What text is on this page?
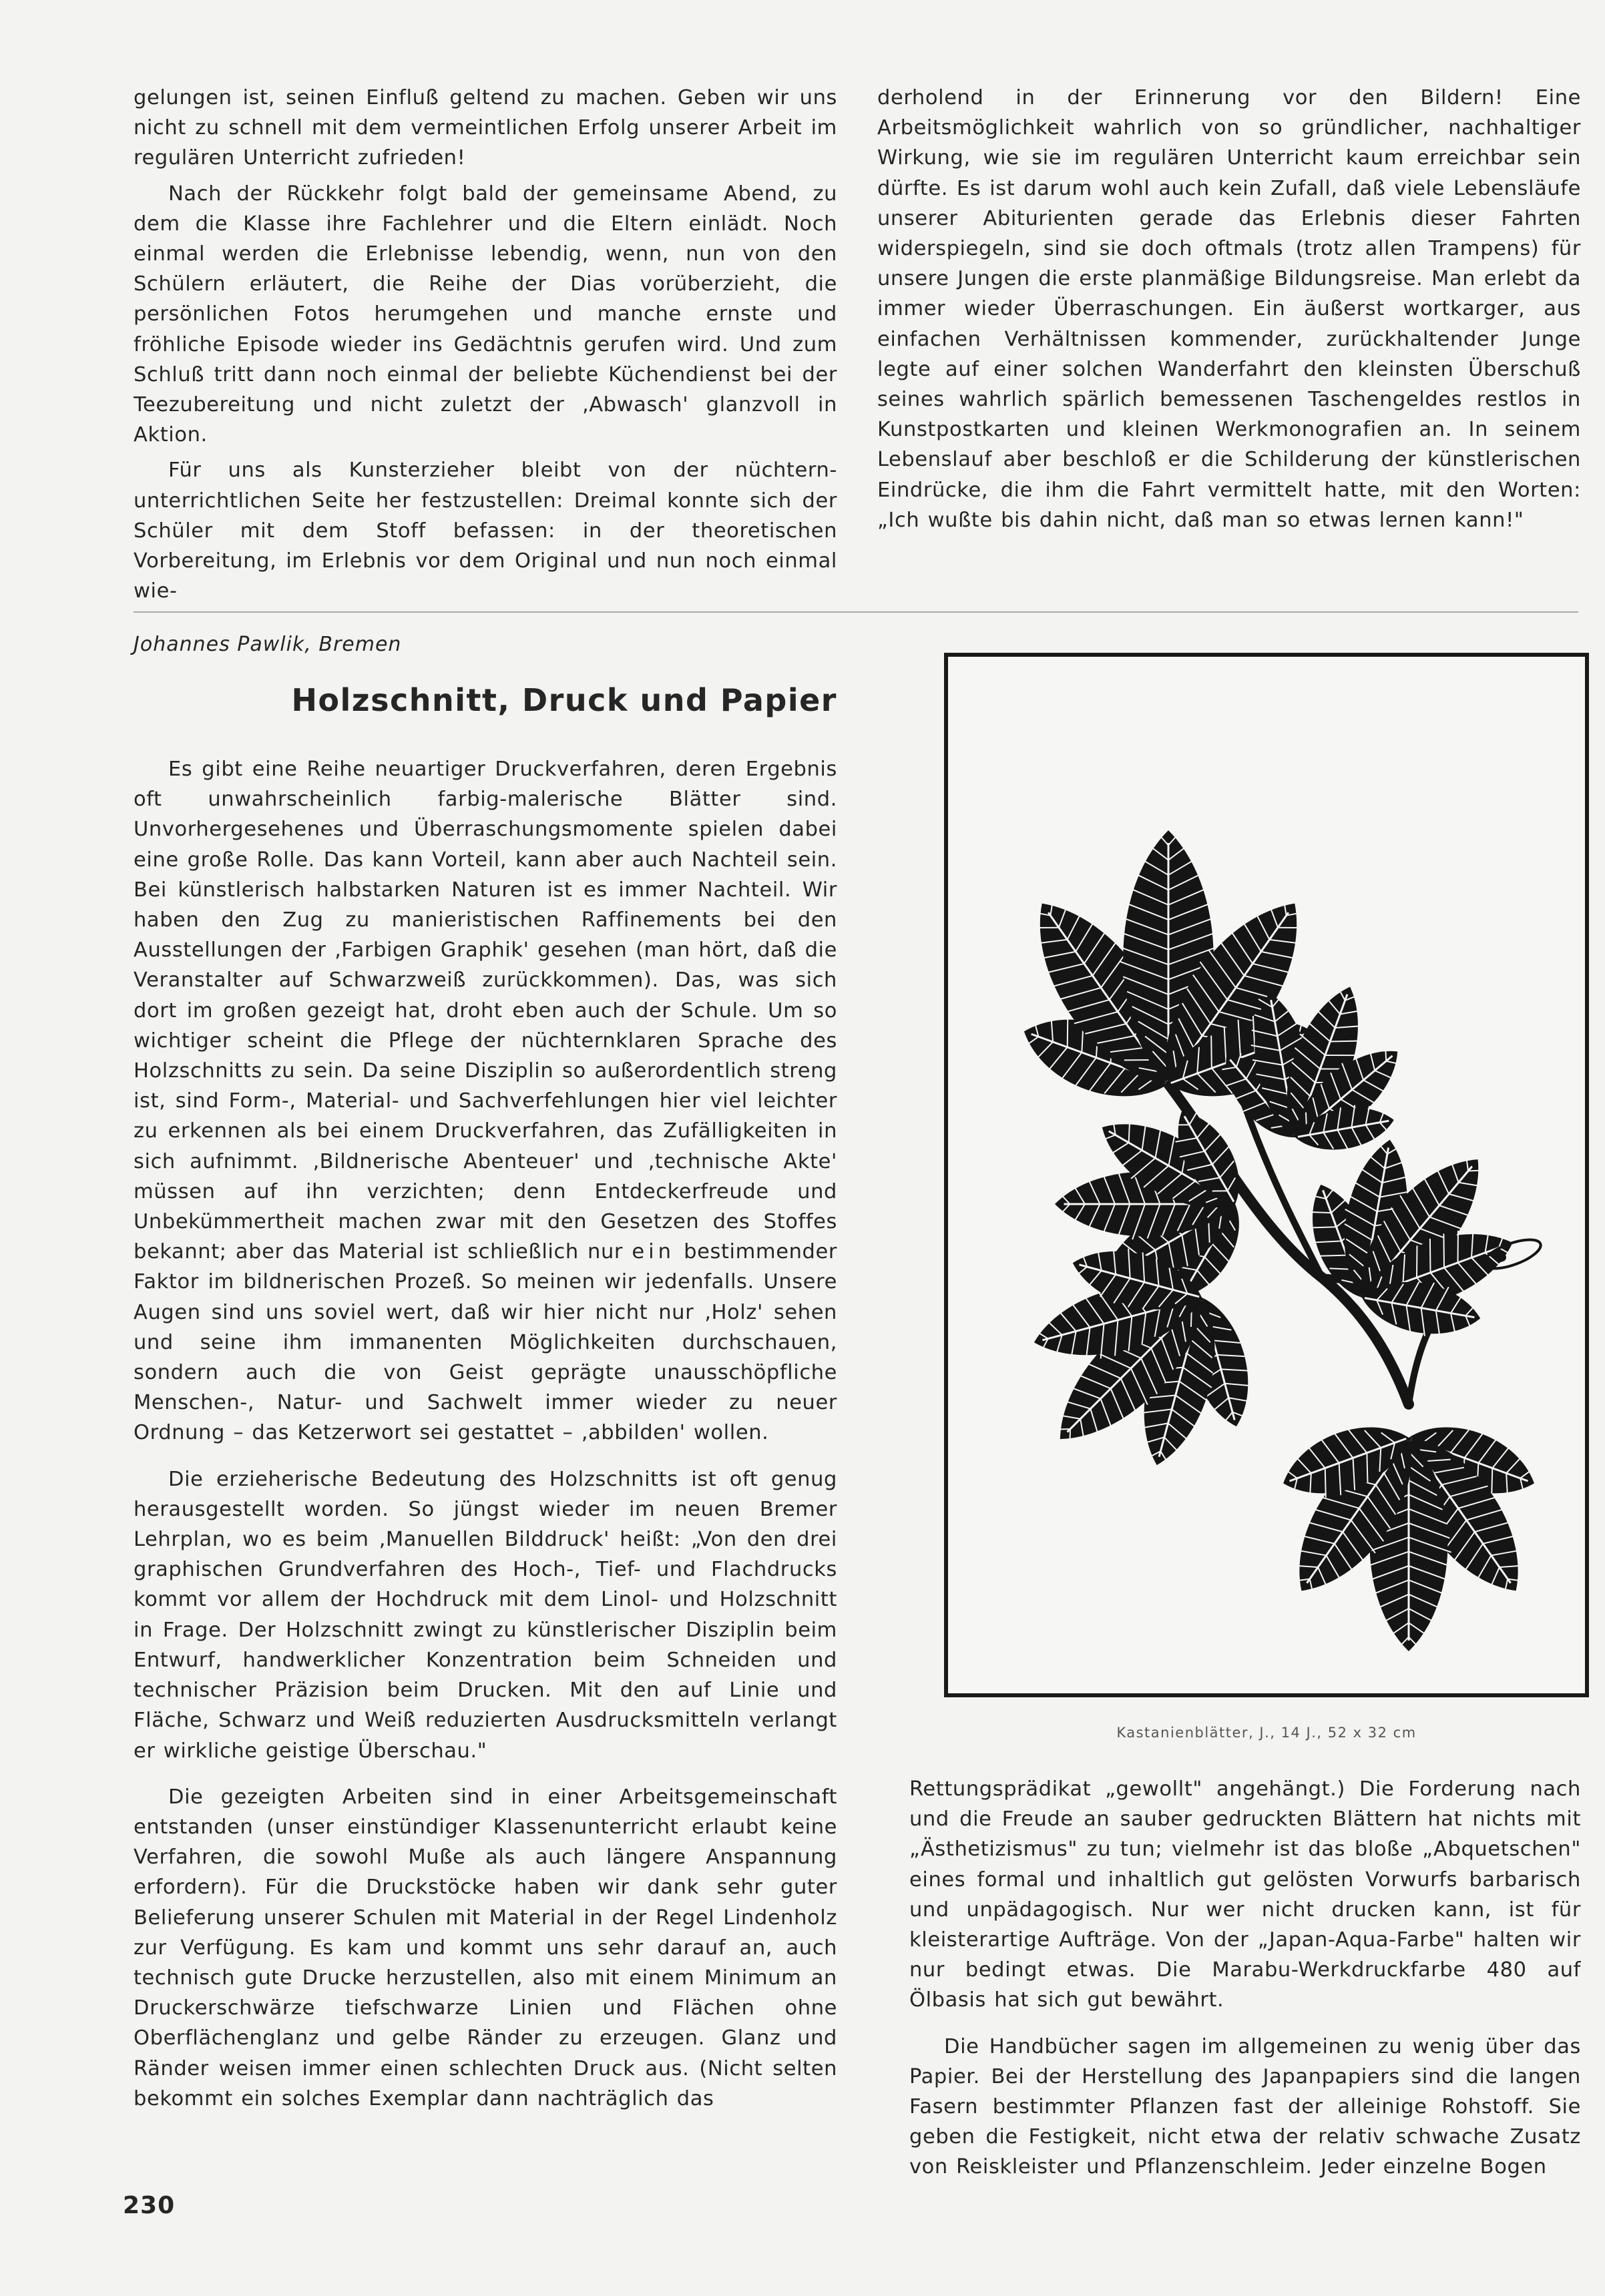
gelungen ist, seinen Einfluß geltend zu machen. Geben wir uns nicht zu schnell mit dem vermeintlichen Erfolg unserer Arbeit im regulären Unterricht zufrieden!

Nach der Rückkehr folgt bald der gemeinsame Abend, zu dem die Klasse ihre Fachlehrer und die Eltern einlädt. Noch einmal werden die Erlebnisse lebendig, wenn, nun von den Schülern erläutert, die Reihe der Dias vorüberzieht, die persönlichen Fotos herumgehen und manche ernste und fröhliche Episode wieder ins Gedächtnis gerufen wird. Und zum Schluß tritt dann noch einmal der beliebte Küchendienst bei der Teezubereitung und nicht zuletzt der ‚Abwasch' glanzvoll in Aktion.

Für uns als Kunsterzieher bleibt von der nüchtern-unterrichtlichen Seite her festzustellen: Dreimal konnte sich der Schüler mit dem Stoff befassen: in der theoretischen Vorbereitung, im Erlebnis vor dem Original und nun noch einmal wie-

derholend in der Erinnerung vor den Bildern! Eine Arbeitsmöglichkeit wahrlich von so gründlicher, nachhaltiger Wirkung, wie sie im regulären Unterricht kaum erreichbar sein dürfte. Es ist darum wohl auch kein Zufall, daß viele Lebensläufe unserer Abiturienten gerade das Erlebnis dieser Fahrten widerspiegeln, sind sie doch oftmals (trotz allen Trampens) für unsere Jungen die erste planmäßige Bildungsreise. Man erlebt da immer wieder Überraschungen. Ein äußerst wortkarger, aus einfachen Verhältnissen kommender, zurückhaltender Junge legte auf einer solchen Wanderfahrt den kleinsten Überschuß seines wahrlich spärlich bemessenen Taschengeldes restlos in Kunstpostkarten und kleinen Werkmonografien an. In seinem Lebenslauf aber beschloß er die Schilderung der künstlerischen Eindrücke, die ihm die Fahrt vermittelt hatte, mit den Worten: „Ich wußte bis dahin nicht, daß man so etwas lernen kann!"

Johannes Pawlik, Bremen
Holzschnitt, Druck und Papier

Es gibt eine Reihe neuartiger Druckverfahren, deren Ergebnis oft unwahrscheinlich farbig-malerische Blätter sind. Unvorhergesehenes und Überraschungsmomente spielen dabei eine große Rolle. Das kann Vorteil, kann aber auch Nachteil sein. Bei künstlerisch halbstarken Naturen ist es immer Nachteil. Wir haben den Zug zu manieristischen Raffinements bei den Ausstellungen der ‚Farbigen Graphik' gesehen (man hört, daß die Veranstalter auf Schwarzweiß zurückkommen). Das, was sich dort im großen gezeigt hat, droht eben auch der Schule. Um so wichtiger scheint die Pflege der nüchternklaren Sprache des Holzschnitts zu sein. Da seine Disziplin so außerordentlich streng ist, sind Form-, Material- und Sachverfehlungen hier viel leichter zu erkennen als bei einem Druckverfahren, das Zufälligkeiten in sich aufnimmt. ‚Bildnerische Abenteuer' und ‚technische Akte' müssen auf ihn verzichten; denn Entdeckerfreude und Unbekümmertheit machen zwar mit den Gesetzen des Stoffes bekannt; aber das Material ist schließlich nur ein bestimmender Faktor im bildnerischen Prozeß. So meinen wir jedenfalls. Unsere Augen sind uns soviel wert, daß wir hier nicht nur ‚Holz' sehen und seine ihm immanenten Möglichkeiten durchschauen, sondern auch die von Geist geprägte unausschöpfliche Menschen-, Natur- und Sachwelt immer wieder zu neuer Ordnung – das Ketzerwort sei gestattet – ‚abbilden' wollen.

Die erzieherische Bedeutung des Holzschnitts ist oft genug herausgestellt worden. So jüngst wieder im neuen Bremer Lehrplan, wo es beim ‚Manuellen Bilddruck' heißt: „Von den drei graphischen Grundverfahren des Hoch-, Tief- und Flachdrucks kommt vor allem der Hochdruck mit dem Linol- und Holzschnitt in Frage. Der Holzschnitt zwingt zu künstlerischer Disziplin beim Entwurf, handwerklicher Konzentration beim Schneiden und technischer Präzision beim Drucken. Mit den auf Linie und Fläche, Schwarz und Weiß reduzierten Ausdrucksmitteln verlangt er wirkliche geistige Überschau."

Die gezeigten Arbeiten sind in einer Arbeitsgemeinschaft entstanden (unser einstündiger Klassenunterricht erlaubt keine Verfahren, die sowohl Muße als auch längere Anspannung erfordern). Für die Druckstöcke haben wir dank sehr guter Belieferung unserer Schulen mit Material in der Regel Lindenholz zur Verfügung. Es kam und kommt uns sehr darauf an, auch technisch gute Drucke herzustellen, also mit einem Minimum an Druckerschwärze tiefschwarze Linien und Flächen ohne Oberflächenglanz und gelbe Ränder zu erzeugen. Glanz und Ränder weisen immer einen schlechten Druck aus. (Nicht selten bekommt ein solches Exemplar dann nachträglich das

Kastanienblätter, J., 14 J., 52 x 32 cm

Rettungsprädikat „gewollt" angehängt.) Die Forderung nach und die Freude an sauber gedruckten Blättern hat nichts mit „Ästhetizismus" zu tun; vielmehr ist das bloße „Abquetschen" eines formal und inhaltlich gut gelösten Vorwurfs barbarisch und unpädagogisch. Nur wer nicht drucken kann, ist für kleisterartige Aufträge. Von der „Japan-Aqua-Farbe" halten wir nur bedingt etwas. Die Marabu-Werkdruckfarbe 480 auf Ölbasis hat sich gut bewährt.

Die Handbücher sagen im allgemeinen zu wenig über das Papier. Bei der Herstellung des Japanpapiers sind die langen Fasern bestimmter Pflanzen fast der alleinige Rohstoff. Sie geben die Festigkeit, nicht etwa der relativ schwache Zusatz von Reiskleister und Pflanzenschleim. Jeder einzelne Bogen

230
